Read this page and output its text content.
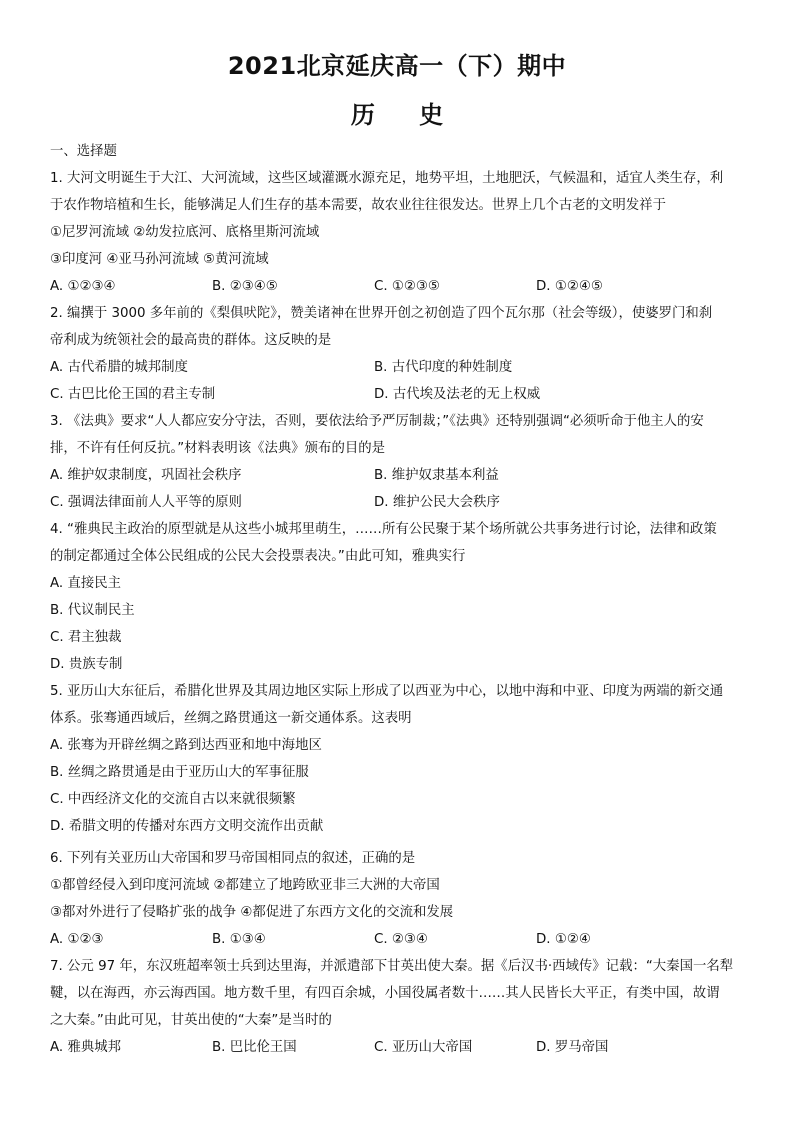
2021北京延庆高一（下）期中
历 史
一、选择题
1. 大河文明诞生于大江、大河流域，这些区域灌溉水源充足，地势平坦，土地肥沃，气候温和，适宜人类生存，利
于农作物培植和生长，能够满足人们生存的基本需要，故农业往往很发达。世界上几个古老的文明发祥于
①尼罗河流域 ②幼发拉底河、底格里斯河流域
③印度河 ④亚马孙河流域 ⑤黄河流域
A. ①②③④	B. ②③④⑤	C. ①②③⑤	D. ①②④⑤
2. 编撰于 3000 多年前的《梨俱吠陀》，赞美诸神在世界开创之初创造了四个瓦尔那（社会等级），使婆罗门和刹
帝利成为统领社会的最高贵的群体。这反映的是
A. 古代希腊的城邦制度	B. 古代印度的种姓制度
C. 古巴比伦王国的君主专制	D. 古代埃及法老的无上权威
3. 《法典》要求“人人都应安分守法，否则，要依法给予严厉制裁；”《法典》还特别强调“必须听命于他主人的安
排，不许有任何反抗。”材料表明该《法典》颁布的目的是
A. 维护奴隶制度，巩固社会秩序	B. 维护奴隶基本利益
C. 强调法律面前人人平等的原则	D. 维护公民大会秩序
4. “雅典民主政治的原型就是从这些小城邦里萌生，……所有公民聚于某个场所就公共事务进行讨论，法律和政策
的制定都通过全体公民组成的公民大会投票表决。”由此可知，雅典实行
A. 直接民主
B. 代议制民主
C. 君主独裁
D. 贵族专制
5. 亚历山大东征后，希腊化世界及其周边地区实际上形成了以西亚为中心，以地中海和中亚、印度为两端的新交通
体系。张骞通西域后，丝绸之路贯通这一新交通体系。这表明
A. 张骞为开辟丝绸之路到达西亚和地中海地区
B. 丝绸之路贯通是由于亚历山大的军事征服
C. 中西经济文化的交流自古以来就很频繁
D. 希腊文明的传播对东西方文明交流作出贡献
6. 下列有关亚历山大帝国和罗马帝国相同点的叙述，正确的是
①都曾经侵入到印度河流域 ②都建立了地跨欧亚非三大洲的大帝国
③都对外进行了侵略扩张的战争 ④都促进了东西方文化的交流和发展
A. ①②③	B. ①③④	C. ②③④	D. ①②④
7. 公元 97 年，东汉班超率领士兵到达里海，并派遣部下甘英出使大秦。据《后汉书·西域传》记载：“大秦国一名犁
鞬，以在海西，亦云海西国。地方数千里，有四百余城，小国役属者数十……其人民皆长大平正，有类中国，故谓
之大秦。”由此可见，甘英出使的“大秦”是当时的
A. 雅典城邦	B. 巴比伦王国	C. 亚历山大帝国	D. 罗马帝国
